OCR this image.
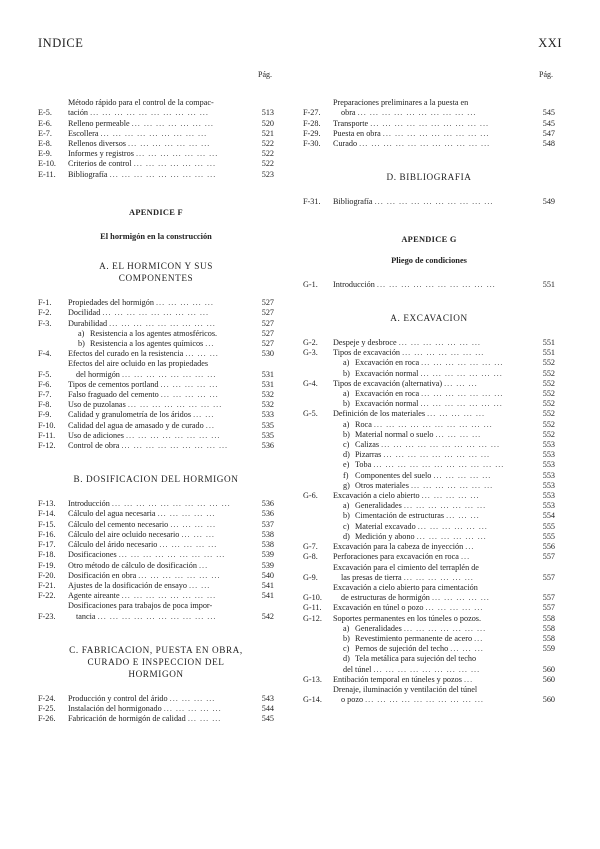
INDICE	XXI
Pág.
E-5.
Método rápido para el control de la compac-
tación ... ... ... ... ... ... ... ... ... ...	513
E-6.	Relleno permeable ... ... ... ... ... ... ...	520
E-7.	Escollera ... ... ... ... ... ... ... ... ...	521
E-8.	Rellenos diversos ... ... ... ... ... ... ...	522
E-9.	Informes y registros ... ... ... ... ... ... ...	522
E-10.	Criterios de control ... ... ... ... ... ... ...	522
E-11.	Bibliografía ... ... ... ... ... ... ... ... ...	523
APENDICE F
El hormigón en la construcción
A. EL HORMICON Y SUS
COMPONENTES
F-1.	Propiedades del hormigón ... ... ... ... ...	527
F-2.	Docilidad ... ... ... ... ... ... ... ... ...	527
F-3.	Durabilidad ... ... ... ... ... ... ... ... ...	527
a) Resistencia a los agentes atmosféricos.	527
b) Resistencia a los agentes químicos ...	527
F-4.	Efectos del curado en la resistencia ... ... ...	530
F-5.
Efectos del aire ocluido en las propiedades
del hormigón ... ... ... ... ... ... ... ...	531
F-6.	Tipos de cementos portland ... ... ... ... ...	531
F-7.	Falso fraguado del cemento ... ... ... ... ...	532
F-8.	Uso de puzolanas ... ... ... ... ... ... ... ...	532
F-9.	Calidad y granulometría de los áridos ... ...	533
F-10.	Calidad del agua de amasado y de curado ...	535
F-11.	Uso de adiciones ... ... ... ... ... ... ... ...	535
F-12.	Control de obra ... ... ... ... ... ... ... ... ...	536
B. DOSIFICACION DEL HORMIGON
F-13.	Introducción ... ... ... ... ... ... ... ... ... ...	536
F-14.	Cálculo del agua necesaria ... ... ... ... ...	536
F-15.	Cálculo del cemento necesario ... ... ... ...	537
F-16.	Cálculo del aire ocluido necesario ... ... ...	538
F-17.	Cálculo del árido necesario ... ... ... ... ...	538
F-18.	Dosificaciones ... ... ... ... ... ... ... ... ...	539
F-19.	Otro método de cálculo de dosificación ...	539
F-20.	Dosificación en obra ... ... ... ... ... ... ...	540
F-21.	Ajustes de la dosificación de ensayo ... ...	541
F-22.	Agente aireante ... ... ... ... ... ... ... ...	541
F-23.
Dosificaciones para trabajos de poca impor-
tancia ... ... ... ... ... ... ... ... ... ...	542
C. FABRICACION, PUESTA EN OBRA,
CURADO E INSPECCION DEL
HORMIGON
F-24.	Producción y control del árido ... ... ... ...	543
F-25.	Instalación del hormigonado ... ... ... ... ...	544
F-26.	Fabricación de hormigón de calidad ... ... ...	545
Pág.
F-27.
Preparaciones preliminares a la puesta en
obra ... ... ... ... ... ... ... ... ... ...	545
F-28.	Transporte ... ... ... ... ... ... ... ... ... ...	545
F-29.	Puesta en obra ... ... ... ... ... ... ... ... ...	547
F-30.	Curado ... ... ... ... ... ... ... ... ... ... ...	548
D. BIBLIOGRAFIA
F-31.	Bibliografía ... ... ... ... ... ... ... ... ... ...	549
APENDICE G
Pliego de condiciones
G-1.	Introducción ... ... ... ... ... ... ... ... ... ...	551
A. EXCAVACION
G-2.	Despeje y desbroce ... ... ... ... ... ... ...	551
G-3.	Tipos de excavación ... ... ... ... ... ... ...	551
a) Excavación en roca ... ... ... ... ... ... ...	552
b) Excavación normal ... ... ... ... ... ... ...	552
G-4.	Tipos de excavación (alternativa) ... ... ...	552
a) Excavación en roca ... ... ... ... ... ... ...	552
b) Excavación normal ... ... ... ... ... ... ...	552
G-5.	Definición de los materiales ... ... ... ... ...	552
a) Roca ... ... ... ... ... ... ... ... ... ...	552
b) Material normal o suelo ... ... ... ...	552
c) Calizas ... ... ... ... ... ... ... ... ... ...	553
d) Pizarras ... ... ... ... ... ... ... ... ...	553
e) Toba ... ... ... ... ... ... ... ... ... ... ...	553
f) Componentes del suelo ... ... ... ... ...	553
g) Otros materiales ... ... ... ... ... ... ...	553
G-6.	Excavación a cielo abierto ... ... ... ... ...	553
a) Generalidades ... ... ... ... ... ... ...	553
b) Cimentación de estructuras ... ... ...	554
c) Material excavado ... ... ... ... ... ...	555
d) Medición y abono ... ... ... ... ... ...	555
G-7.	Excavación para la cabeza de inyección ...	556
G-8.	Perforaciones para excavación en roca ...	557
G-9.
Excavación para el cimiento del terraplén de
las presas de tierra ... ... ... ... ... ...	557
G-10.
Excavación a cielo abierto para cimentación
de estructuras de hormigón ... ... ... ... ...	557
G-11.	Excavación en túnel o pozo ... ... ... ... ...	557
G-12.	Soportes permanentes en los túneles o pozos.	558
a) Generalidades ... ... ... ... ... ... ...	558
b) Revestimiento permanente de acero ...	558
c) Pernos de sujeción del techo ... ... ...	559
d) Tela metálica para sujeción del techo
del túnel ... ... ... ... ... ... ... ... ...	560
G-13.	Entibación temporal en túneles y pozos ...	560
G-14.
Drenaje, iluminación y ventilación del túnel
o pozo ... ... ... ... ... ... ... ... ... ...	560
